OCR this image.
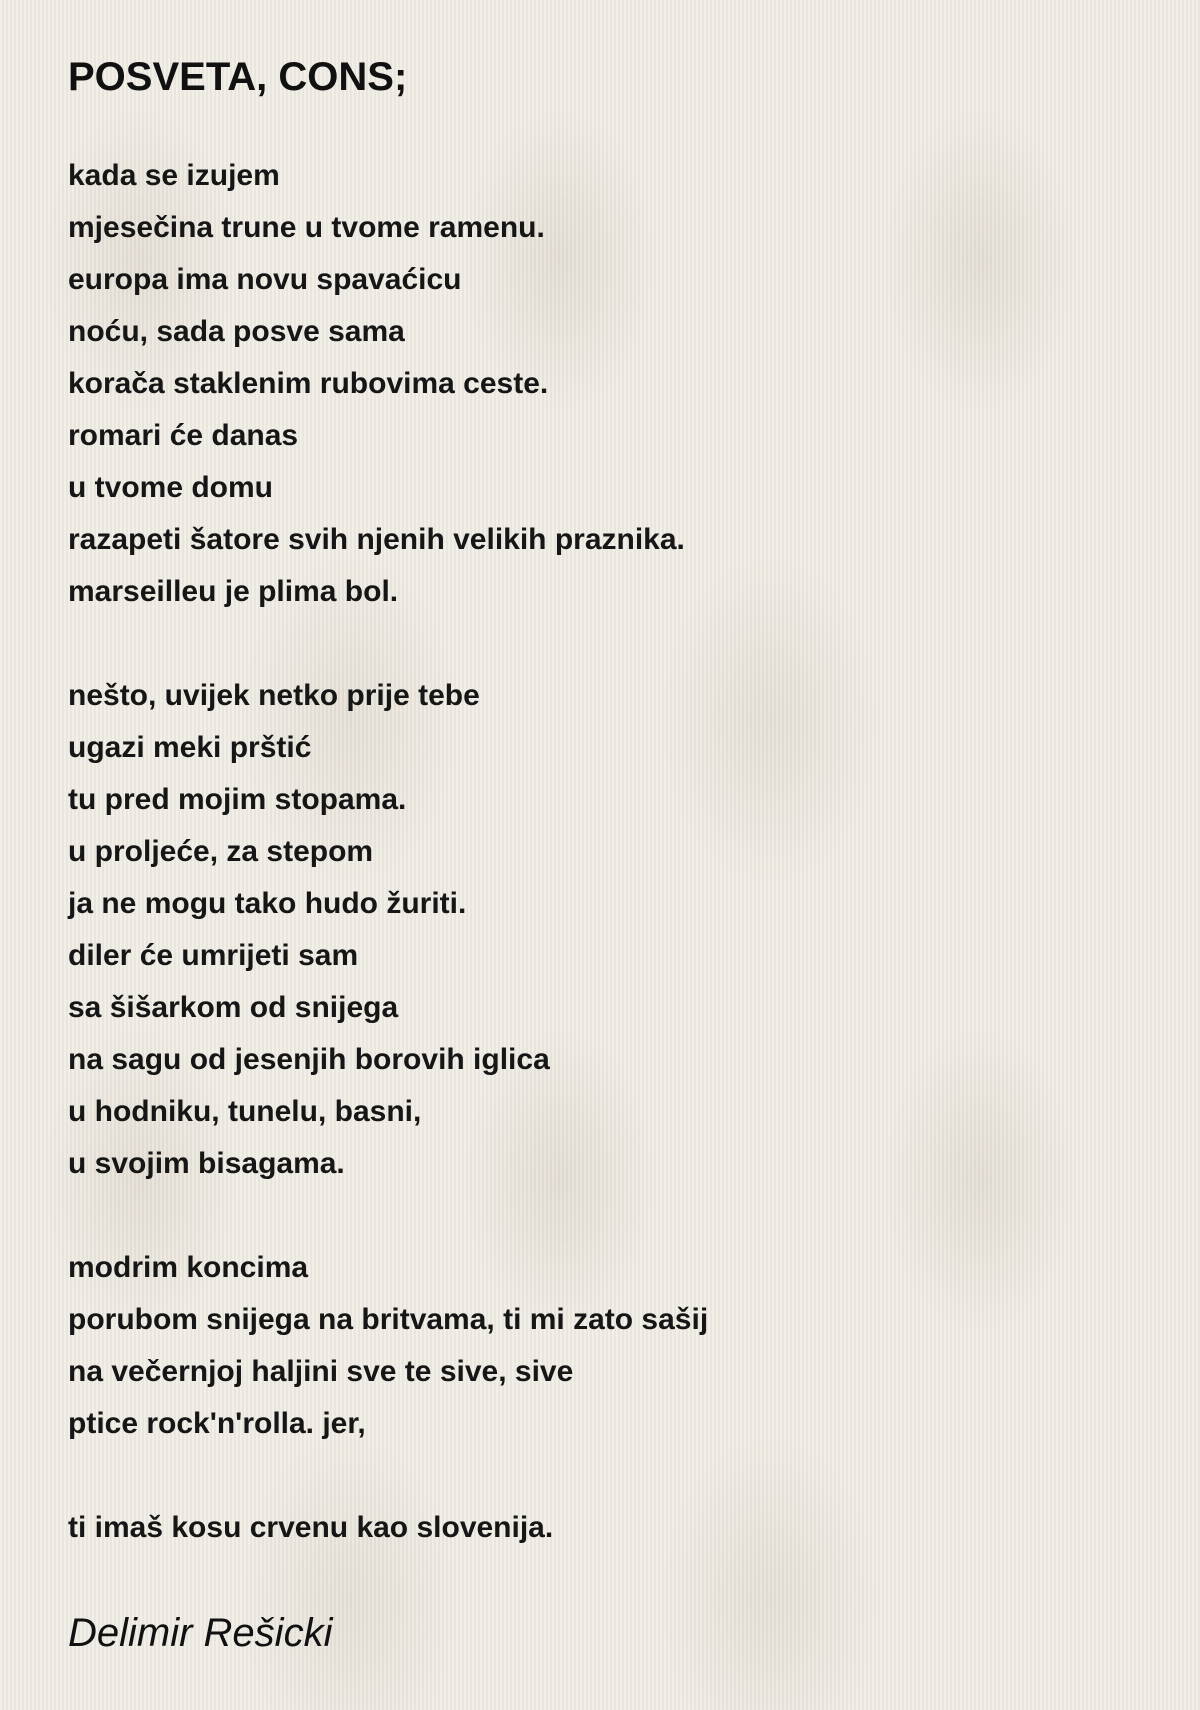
POSVETA, CONS;
kada se izujem
mjesečina trune u tvome ramenu.
europa ima novu spavaćicu
noću, sada posve sama
korača staklenim rubovima ceste.
romari će danas
u tvome domu
razapeti šatore svih njenih velikih praznika.
marseilleu je plima bol.
nešto, uvijek netko prije tebe
ugazi meki prštić
tu pred mojim stopama.
u proljeće, za stepom
ja ne mogu tako hudo žuriti.
diler će umrijeti sam
sa šišarkom od snijega
na sagu od jesenjih borovih iglica
u hodniku, tunelu, basni,
u svojim bisagama.
modrim koncima
porubom snijega na britvama, ti mi zato sašij
na večernjoj haljini sve te sive, sive
ptice rock'n'rolla. jer,
ti imaš kosu crvenu kao slovenija.

Delimir Rešicki
